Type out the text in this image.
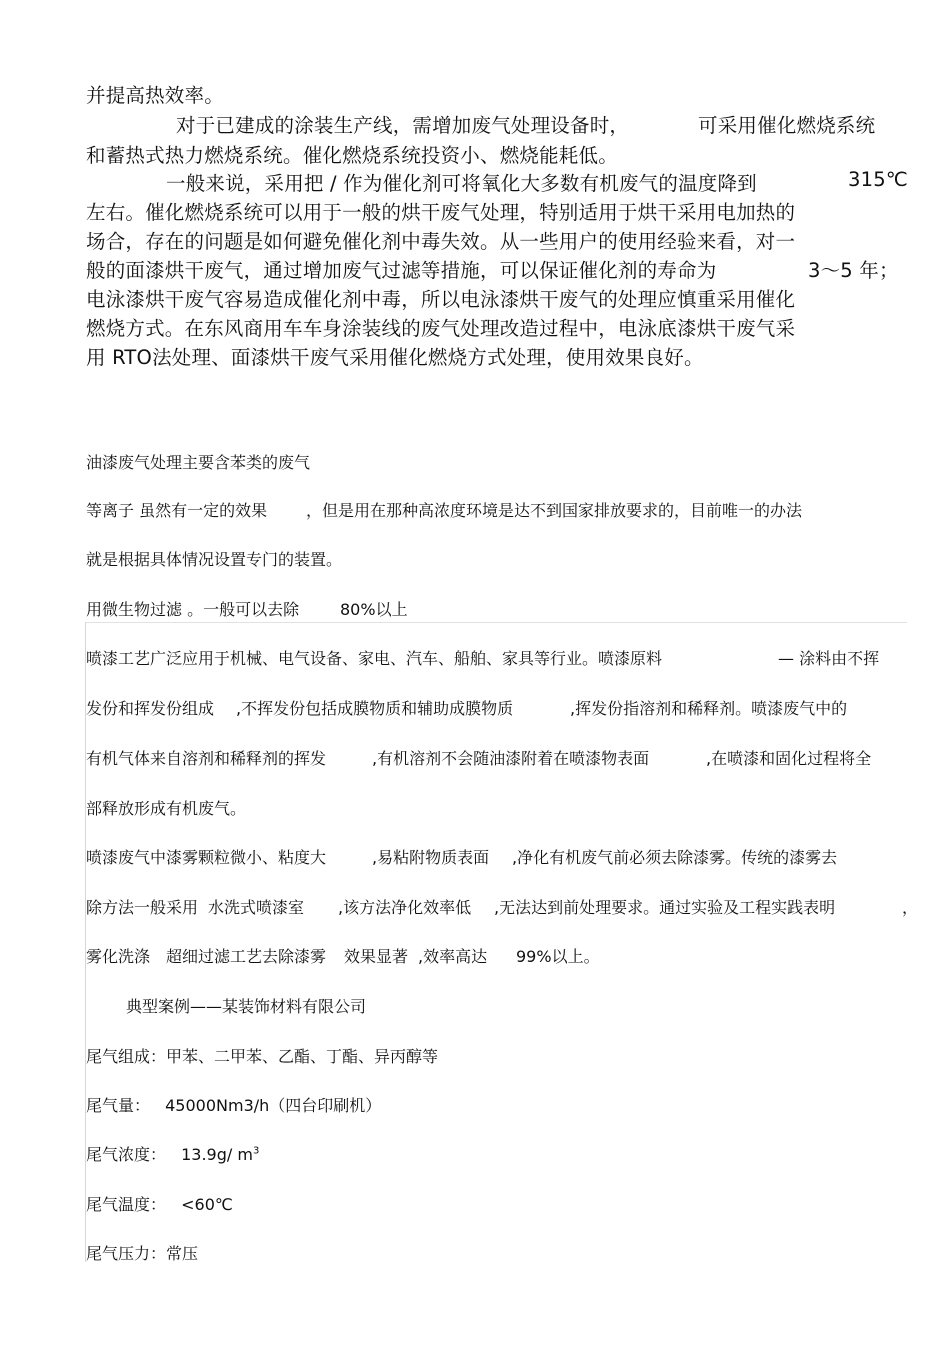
并提高热效率。
对于已建成的涂装生产线，需增加废气处理设备时，	可采用催化燃烧系统
和蓄热式热力燃烧系统。催化燃烧系统投资小、燃烧能耗低。
一般来说，采用把 / 作为催化剂可将氧化大多数有机废气的温度降到	315℃
左右。催化燃烧系统可以用于一般的烘干废气处理，特别适用于烘干采用电加热的
场合，存在的问题是如何避免催化剂中毒失效。从一些用户的使用经验来看，对一
般的面漆烘干废气，通过增加废气过滤等措施，可以保证催化剂的寿命为	3～5 年；
电泳漆烘干废气容易造成催化剂中毒，所以电泳漆烘干废气的处理应慎重采用催化
燃烧方式。在东风商用车车身涂装线的废气处理改造过程中，电泳底漆烘干废气采
用 RTO法处理、面漆烘干废气采用催化燃烧方式处理，使用效果良好。
油漆废气处理主要含苯类的废气
等离子 虽然有一定的效果 ，但是用在那种高浓度环境是达不到国家排放要求的，目前唯一的办法
就是根据具体情况设置专门的装置。
用微生物过滤 。一般可以去除	80%以上
喷漆工艺广泛应用于机械、电气设备、家电、汽车、船舶、家具等行业。喷漆原料	— 涂料由不挥
发份和挥发份组成 ,不挥发份包括成膜物质和辅助成膜物质	,挥发份指溶剂和稀释剂。喷漆废气中的
有机气体来自溶剂和稀释剂的挥发	,有机溶剂不会随油漆附着在喷漆物表面	,在喷漆和固化过程将全
部释放形成有机废气。
喷漆废气中漆雾颗粒微小、粘度大	,易粘附物质表面 ,净化有机废气前必须去除漆雾。传统的漆雾去
除方法一般采用 水洗式喷漆室 ,该方法净化效率低 ,无法达到前处理要求。通过实验及工程实践表明	，
雾化洗涤 超细过滤工艺去除漆雾 效果显著 ,效率高达 99%以上。
典型案例——某装饰材料有限公司
尾气组成：甲苯、二甲苯、乙酯、丁酯、异丙醇等
尾气量： 45000Nm3/h（四台印刷机）
尾气浓度： 13.9g/ $m^3$
尾气温度： <60℃
尾气压力：常压
